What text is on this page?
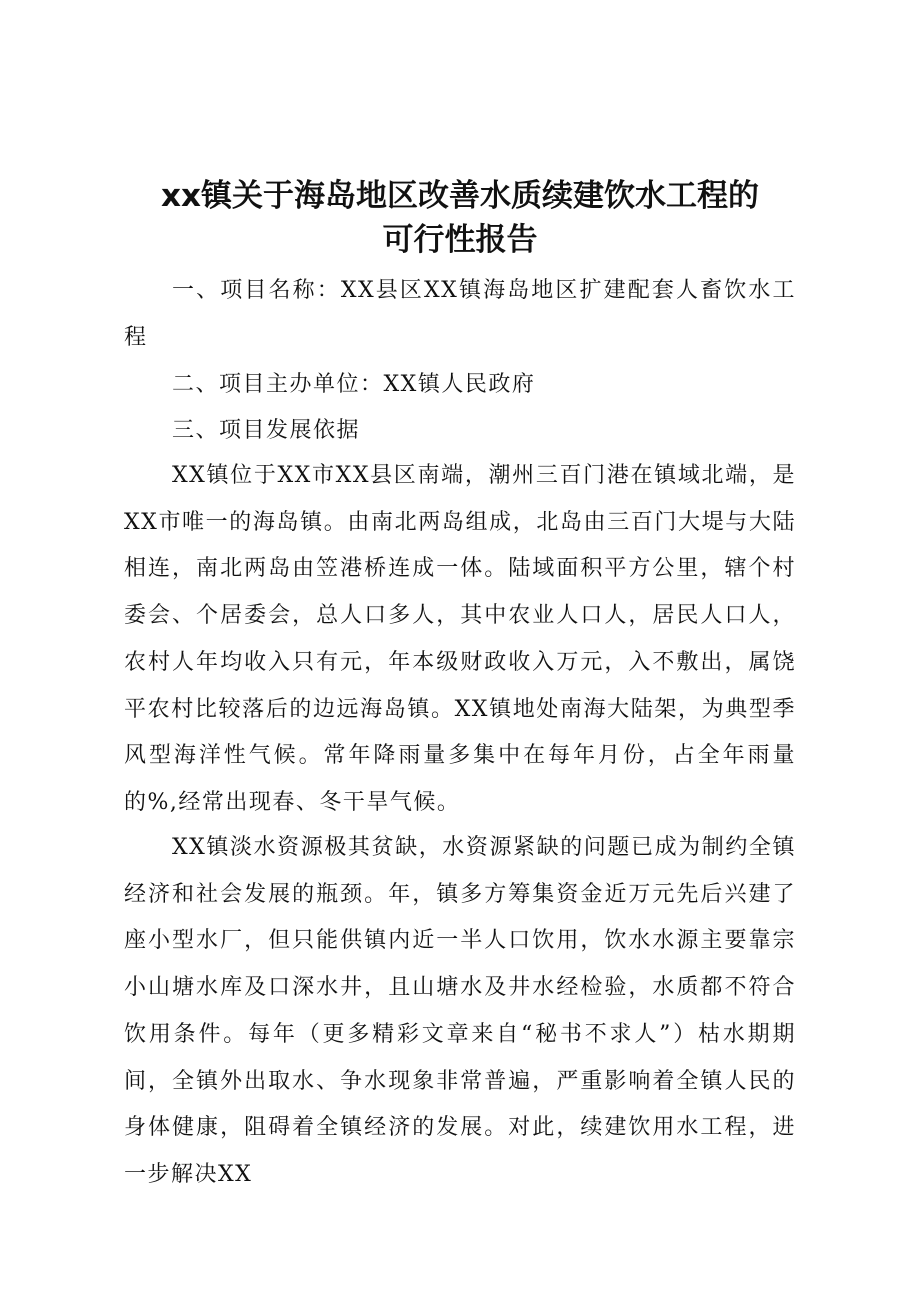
xx镇关于海岛地区改善水质续建饮水工程的
可行性报告

一、项目名称：XX县区XX镇海岛地区扩建配套人畜饮水工程

二、项目主办单位：XX镇人民政府

三、项目发展依据

XX镇位于XX市XX县区南端，潮州三百门港在镇域北端，是XX市唯一的海岛镇。由南北两岛组成，北岛由三百门大堤与大陆相连，南北两岛由笠港桥连成一体。陆域面积平方公里，辖个村委会、个居委会，总人口多人，其中农业人口人，居民人口人，农村人年均收入只有元，年本级财政收入万元，入不敷出，属饶平农村比较落后的边远海岛镇。XX镇地处南海大陆架，为典型季风型海洋性气候。常年降雨量多集中在每年月份，占全年雨量的%,经常出现春、冬干旱气候。

XX镇淡水资源极其贫缺，水资源紧缺的问题已成为制约全镇经济和社会发展的瓶颈。年，镇多方筹集资金近万元先后兴建了座小型水厂，但只能供镇内近一半人口饮用，饮水水源主要靠宗小山塘水库及口深水井，且山塘水及井水经检验，水质都不符合饮用条件。每年（更多精彩文章来自“秘书不求人”）枯水期期间，全镇外出取水、争水现象非常普遍，严重影响着全镇人民的身体健康，阻碍着全镇经济的发展。对此，续建饮用水工程，进一步解决XX
